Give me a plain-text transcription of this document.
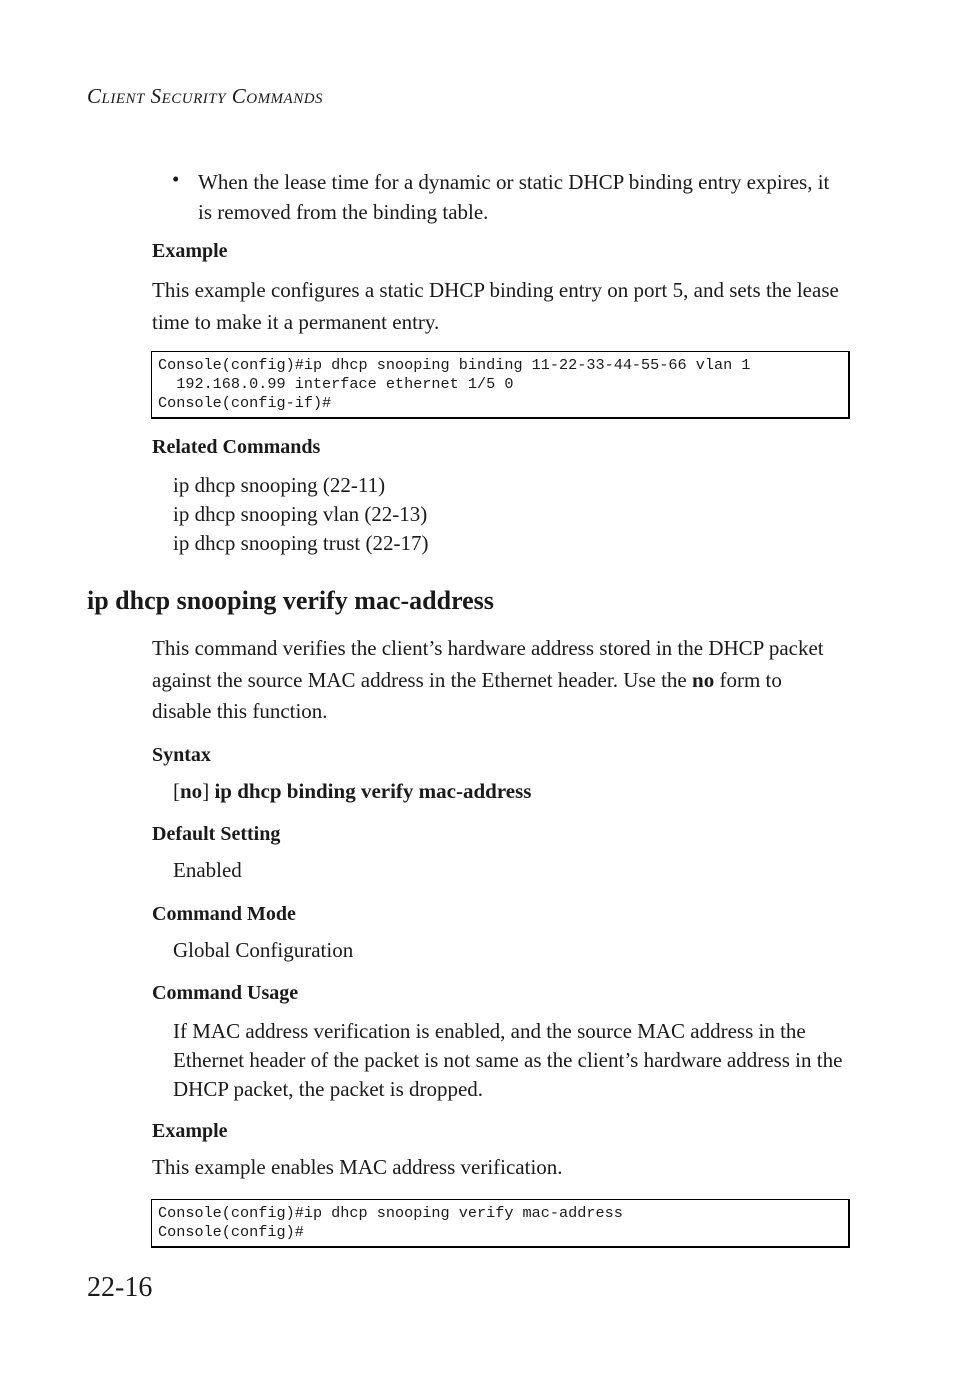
CLIENT SECURITY COMMANDS
• When the lease time for a dynamic or static DHCP binding entry expires, it is removed from the binding table.
Example
This example configures a static DHCP binding entry on port 5, and sets the lease time to make it a permanent entry.
Console(config)#ip dhcp snooping binding 11-22-33-44-55-66 vlan 1
192.168.0.99 interface ethernet 1/5 0
Console(config-if)#
Related Commands
ip dhcp snooping (22-11)
ip dhcp snooping vlan (22-13)
ip dhcp snooping trust (22-17)
ip dhcp snooping verify mac-address
This command verifies the client’s hardware address stored in the DHCP packet against the source MAC address in the Ethernet header. Use the no form to disable this function.
Syntax
[no] ip dhcp binding verify mac-address
Default Setting
Enabled
Command Mode
Global Configuration
Command Usage
If MAC address verification is enabled, and the source MAC address in the Ethernet header of the packet is not same as the client’s hardware address in the DHCP packet, the packet is dropped.
Example
This example enables MAC address verification.
Console(config)#ip dhcp snooping verify mac-address
Console(config)#
22-16
